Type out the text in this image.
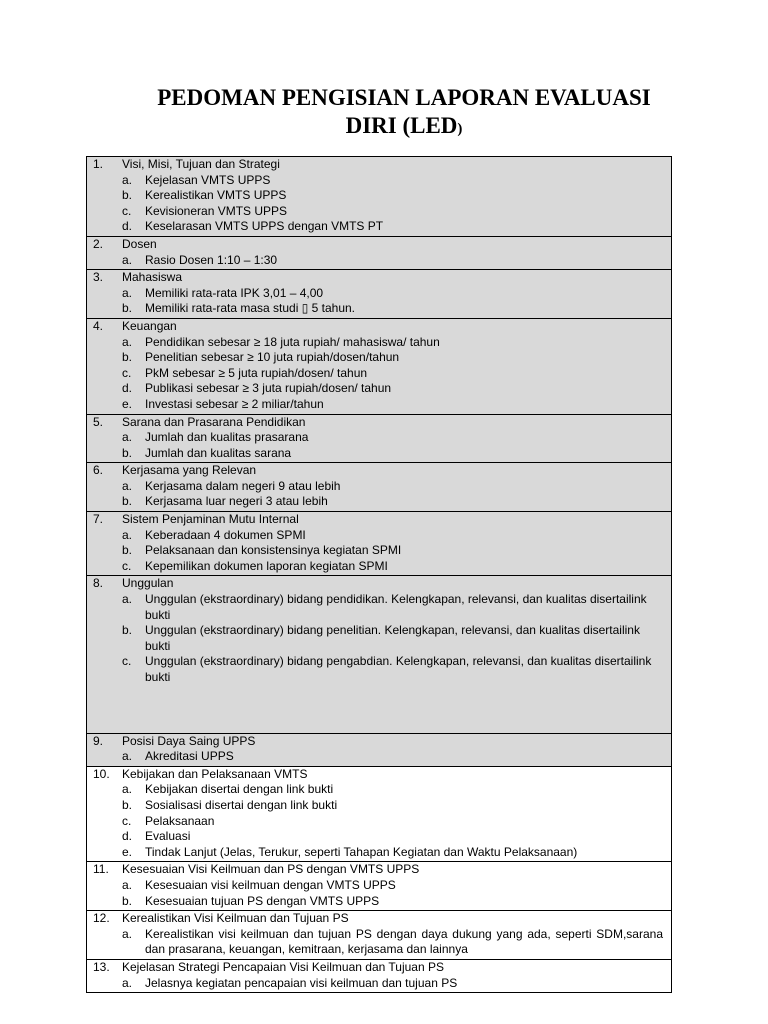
PEDOMAN PENGISIAN LAPORAN EVALUASI
DIRI (LED)
1.	Visi, Misi, Tujuan dan Strategi
a.	Kejelasan VMTS UPPS
b.	Kerealistikan VMTS UPPS
c.	Kevisioneran VMTS UPPS
d.	Keselarasan VMTS UPPS dengan VMTS PT

2.	Dosen
a.	Rasio Dosen 1:10 – 1:30

3.	Mahasiswa
a.	Memiliki rata-rata IPK 3,01 – 4,00
b.	Memiliki rata-rata masa studi ▯ 5 tahun.

4.	Keuangan
a.	Pendidikan sebesar ≥ 18 juta rupiah/ mahasiswa/ tahun
b.	Penelitian sebesar ≥ 10 juta rupiah/dosen/tahun
c.	PkM sebesar ≥ 5 juta rupiah/dosen/ tahun
d.	Publikasi sebesar ≥ 3 juta rupiah/dosen/ tahun
e.	Investasi sebesar ≥ 2 miliar/tahun

5.	Sarana dan Prasarana Pendidikan
a.	Jumlah dan kualitas prasarana
b.	Jumlah dan kualitas sarana

6.	Kerjasama yang Relevan
a.	Kerjasama dalam negeri 9 atau lebih
b.	Kerjasama luar negeri 3 atau lebih

7.	Sistem Penjaminan Mutu Internal
a.	Keberadaan 4 dokumen SPMI
b.	Pelaksanaan dan konsistensinya kegiatan SPMI
c.	Kepemilikan dokumen laporan kegiatan SPMI

8.	Unggulan
a.	Unggulan (ekstraordinary) bidang pendidikan. Kelengkapan, relevansi, dan kualitas disertailink bukti
b.	Unggulan (ekstraordinary) bidang penelitian. Kelengkapan, relevansi, dan kualitas disertailink bukti
c.	Unggulan (ekstraordinary) bidang pengabdian. Kelengkapan, relevansi, dan kualitas disertailink bukti

9.	Posisi Daya Saing UPPS
a.	Akreditasi UPPS

10.	Kebijakan dan Pelaksanaan VMTS
a.	Kebijakan disertai dengan link bukti
b.	Sosialisasi disertai dengan link bukti
c.	Pelaksanaan
d.	Evaluasi
e.	Tindak Lanjut (Jelas, Terukur, seperti Tahapan Kegiatan dan Waktu Pelaksanaan)

11.	Kesesuaian Visi Keilmuan dan PS dengan VMTS UPPS
a.	Kesesuaian visi keilmuan dengan VMTS UPPS
b.	Kesesuaian tujuan PS dengan VMTS UPPS

12.	Kerealistikan Visi Keilmuan dan Tujuan PS
a.	Kerealistikan visi keilmuan dan tujuan PS dengan daya dukung yang ada, seperti SDM,sarana dan prasarana, keuangan, kemitraan, kerjasama dan lainnya

13.	Kejelasan Strategi Pencapaian Visi Keilmuan dan Tujuan PS
a.	Jelasnya kegiatan pencapaian visi keilmuan dan tujuan PS
